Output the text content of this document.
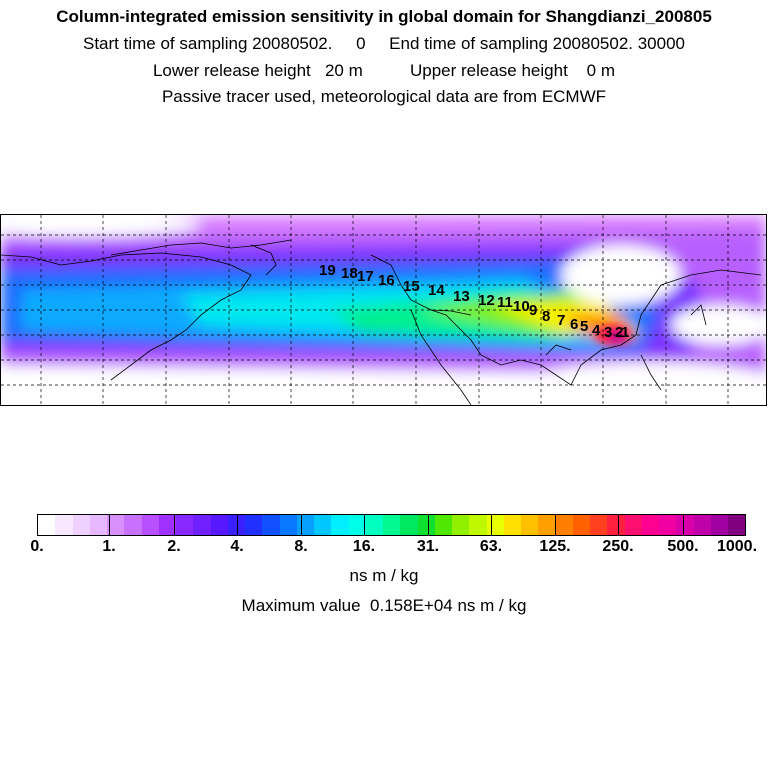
Column-integrated emission sensitivity in global domain for Shangdianzi_200805
Start time of sampling 20080502.     0     End time of sampling 20080502. 30000
Lower release height   20 m          Upper release height    0 m
Passive tracer used, meteorological data are from ECMWF
1
2
3
4
5
6
7
8
9
10
11
12
13
14
15
16
17
18
19
0.	1.	2.	4.	8.	16.	31.	63. 125. 250. 500. 1000.
ns m / kg
Maximum value  0.158E+04 ns m / kg
